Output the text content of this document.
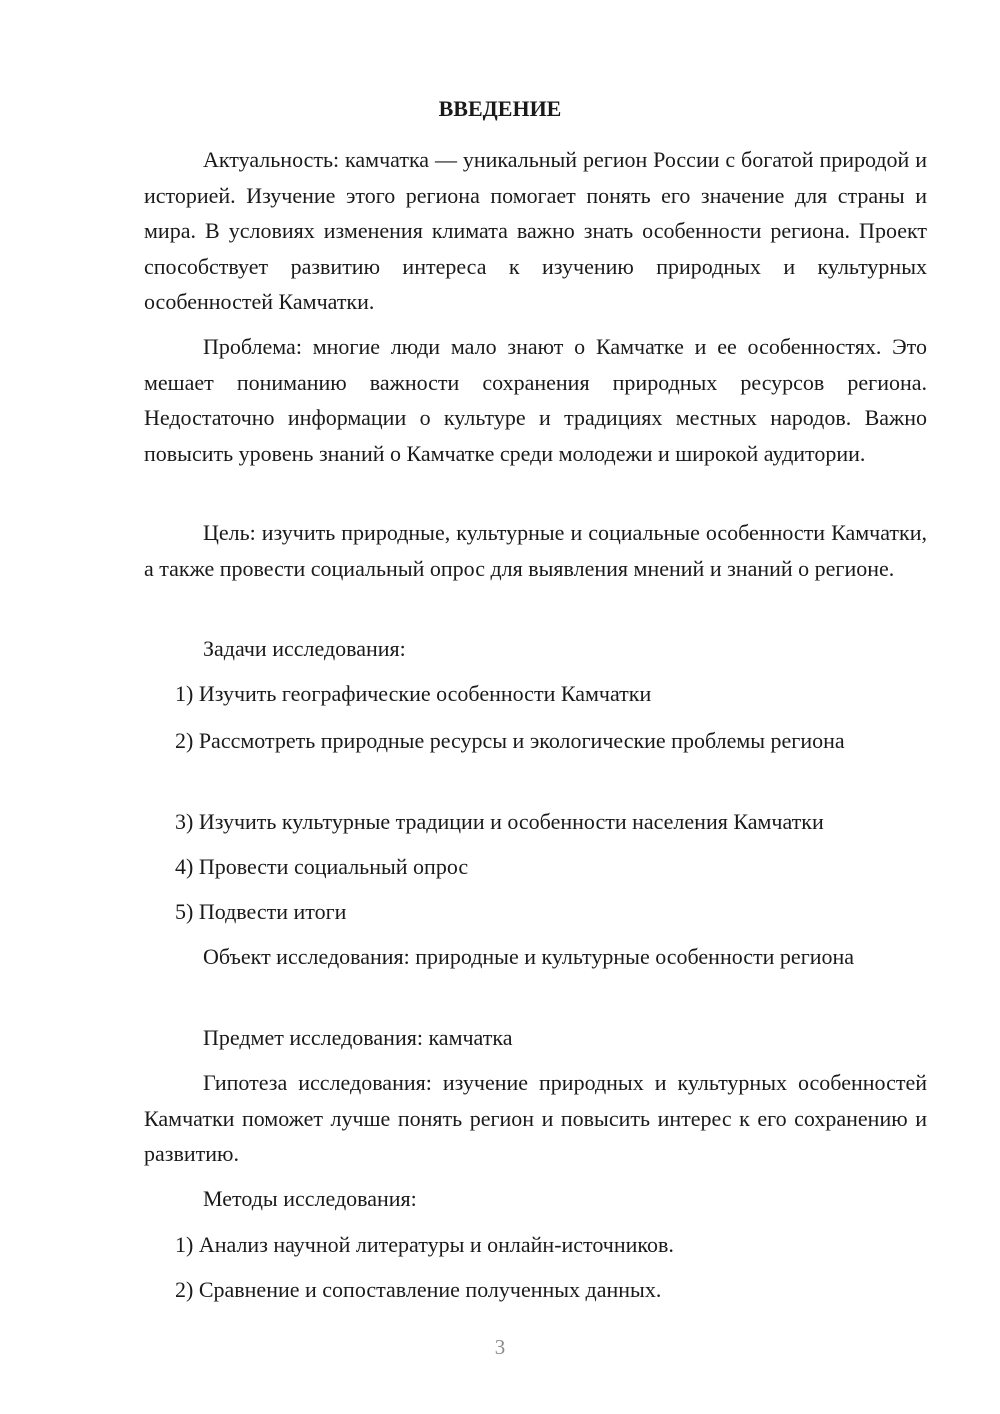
ВВЕДЕНИЕ

Актуальность: камчатка — уникальный регион России с богатой природой и историей. Изучение этого региона помогает понять его значение для страны и мира. В условиях изменения климата важно знать особенности региона. Проект способствует развитию интереса к изучению природных и культурных особенностей Камчатки.

Проблема: многие люди мало знают о Камчатке и ее особенностях. Это мешает пониманию важности сохранения природных ресурсов региона. Недостаточно информации о культуре и традициях местных народов. Важно повысить уровень знаний о Камчатке среди молодежи и широкой аудитории.

Цель: изучить природные, культурные и социальные особенности Камчатки, а также провести социальный опрос для выявления мнений и знаний о регионе.

Задачи исследования:

1) Изучить географические особенности Камчатки

2) Рассмотреть природные ресурсы и экологические проблемы региона

3) Изучить культурные традиции и особенности населения Камчатки

4) Провести социальный опрос

5) Подвести итоги

Объект исследования: природные и культурные особенности региона

Предмет исследования: камчатка

Гипотеза исследования: изучение природных и культурных особенностей Камчатки поможет лучше понять регион и повысить интерес к его сохранению и развитию.

Методы исследования:

1) Анализ научной литературы и онлайн-источников.

2) Сравнение и сопоставление полученных данных.

3
